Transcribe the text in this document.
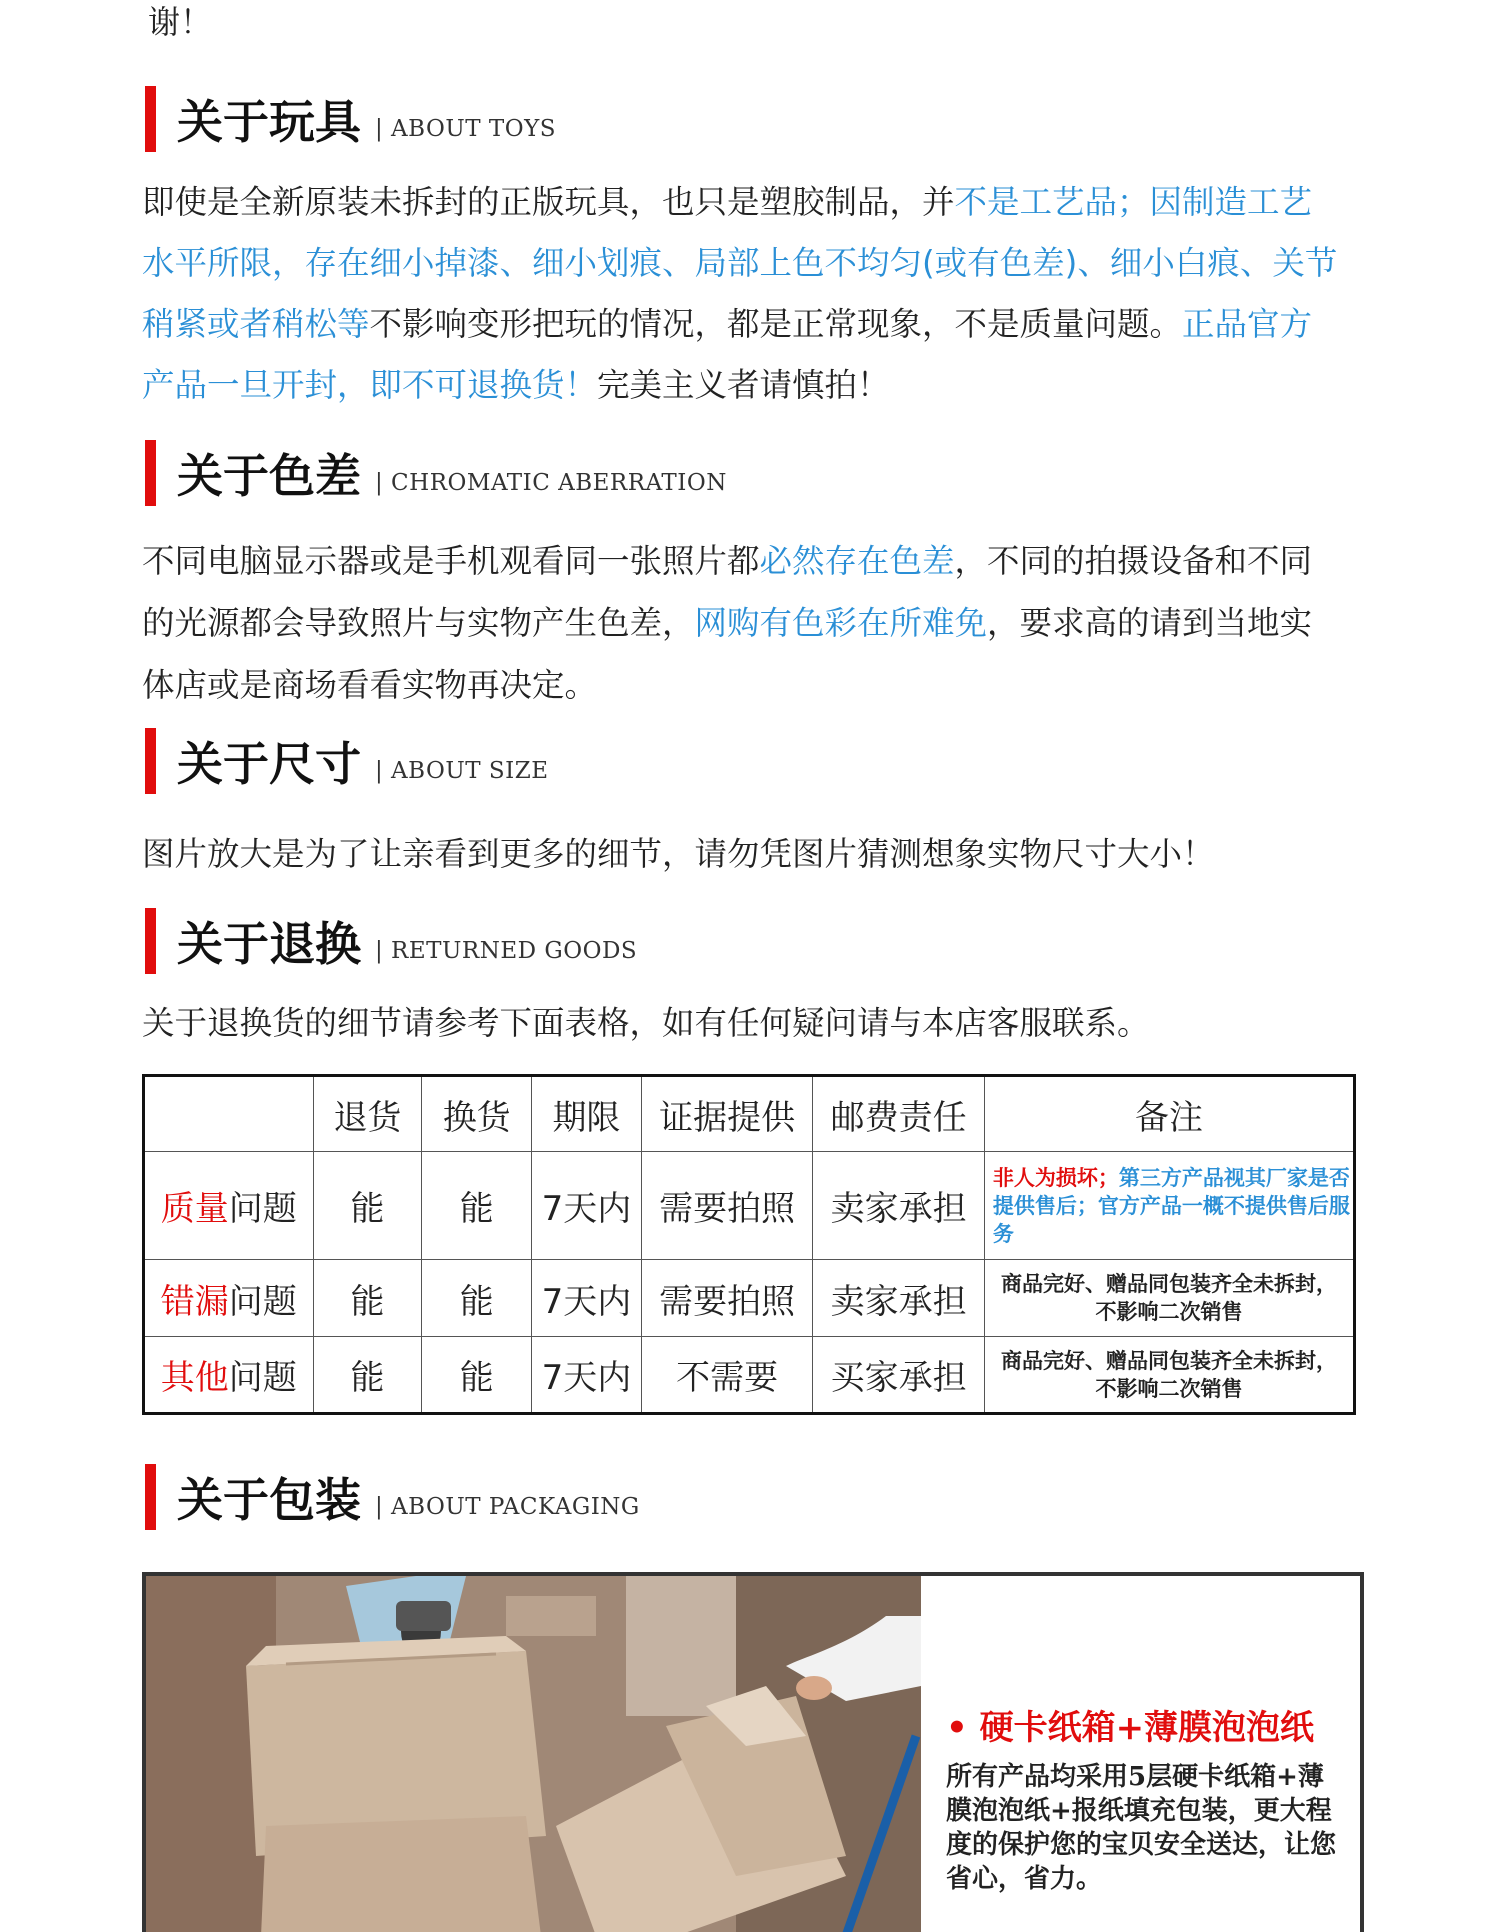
谢！
关于玩具 | ABOUT TOYS
即使是全新原装未拆封的正版玩具，也只是塑胶制品，并不是工艺品；因制造工艺水平所限，存在细小掉漆、细小划痕、局部上色不均匀(或有色差)、细小白痕、关节稍紧或者稍松等不影响变形把玩的情况，都是正常现象，不是质量问题。正品官方产品一旦开封，即不可退换货！完美主义者请慎拍！
关于色差 | CHROMATIC ABERRATION
不同电脑显示器或是手机观看同一张照片都必然存在色差，不同的拍摄设备和不同的光源都会导致照片与实物产生色差，网购有色彩在所难免，要求高的请到当地实体店或是商场看看实物再决定。
关于尺寸 | ABOUT SIZE
图片放大是为了让亲看到更多的细节，请勿凭图片猜测想象实物尺寸大小！
关于退换 | RETURNED GOODS
关于退换货的细节请参考下面表格，如有任何疑问请与本店客服联系。
	退货	换货	期限	证据提供	邮费责任	备注
质量问题	能	能	7天内	需要拍照	卖家承担	非人为损坏；第三方产品视其厂家是否提供售后；官方产品一概不提供售后服务
错漏问题	能	能	7天内	需要拍照	卖家承担	商品完好、赠品同包装齐全未拆封，不影响二次销售
其他问题	能	能	7天内	不需要	买家承担	商品完好、赠品同包装齐全未拆封，不影响二次销售
关于包装 | ABOUT PACKAGING
• 硬卡纸箱+薄膜泡泡纸
所有产品均采用5层硬卡纸箱+薄膜泡泡纸+报纸填充包装，更大程度的保护您的宝贝安全送达，让您省心，省力。
